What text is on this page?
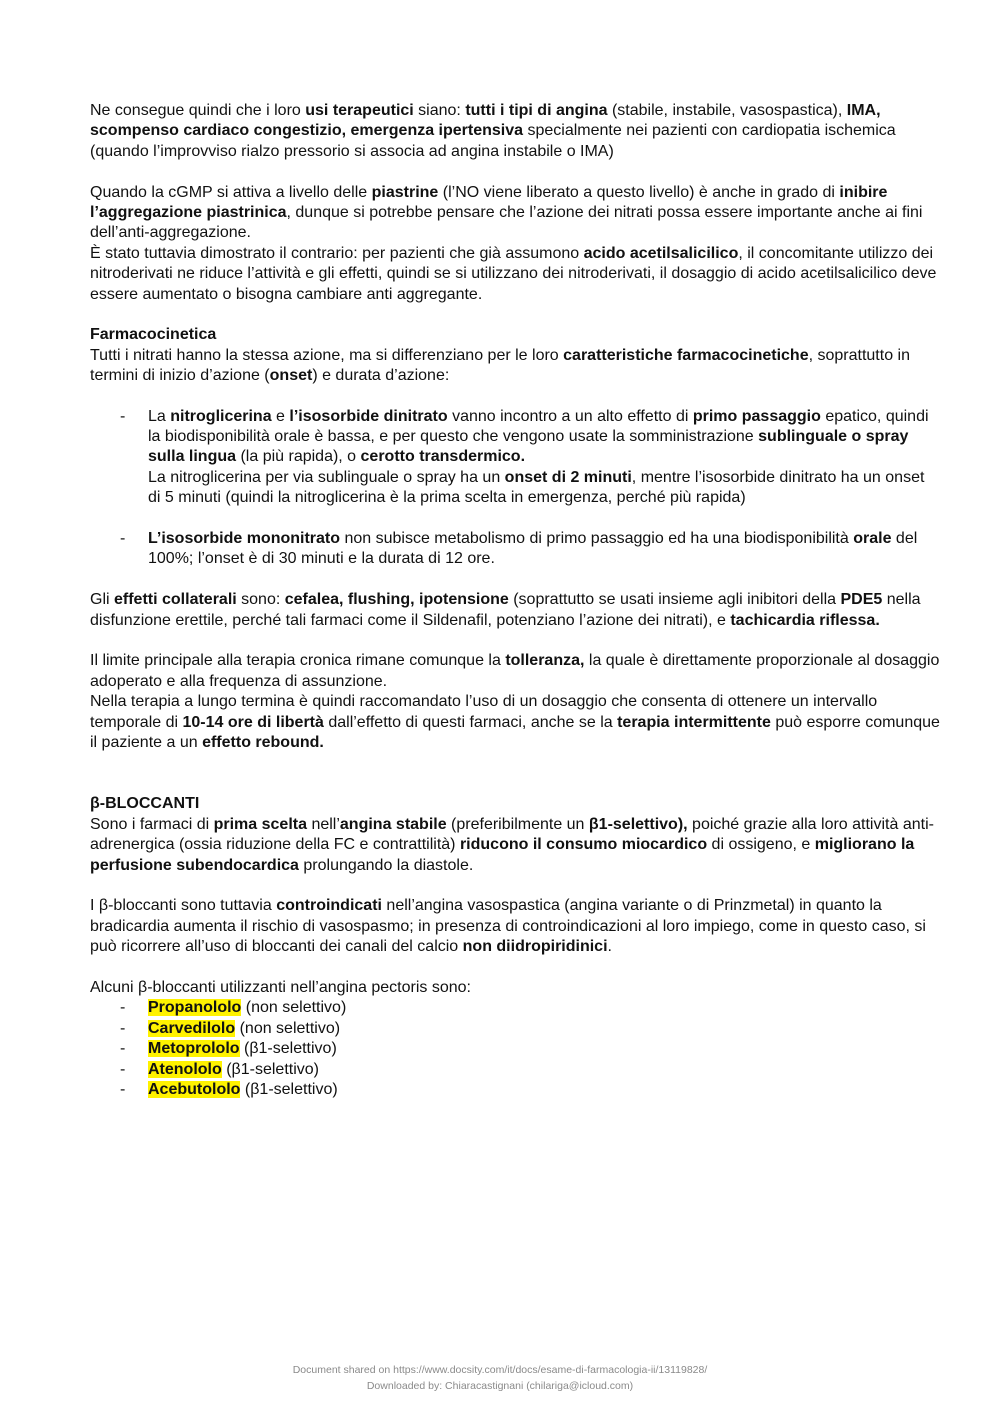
Ne consegue quindi che i loro usi terapeutici siano: tutti i tipi di angina (stabile, instabile, vasospastica), IMA, scompenso cardiaco congestizio, emergenza ipertensiva specialmente nei pazienti con cardiopatia ischemica (quando l’improvviso rialzo pressorio si associa ad angina instabile o IMA)

Quando la cGMP si attiva a livello delle piastrine (l’NO viene liberato a questo livello) è anche in grado di inibire l’aggregazione piastrinica, dunque si potrebbe pensare che l’azione dei nitrati possa essere importante anche ai fini dell’anti-aggregazione.

È stato tuttavia dimostrato il contrario: per pazienti che già assumono acido acetilsalicilico, il concomitante utilizzo dei nitroderivati ne riduce l’attività e gli effetti, quindi se si utilizzano dei nitroderivati, il dosaggio di acido acetilsalicilico deve essere aumentato o bisogna cambiare anti aggregante.

Farmacocinetica

Tutti i nitrati hanno la stessa azione, ma si differenziano per le loro caratteristiche farmacocinetiche, soprattutto in termini di inizio d’azione (onset) e durata d’azione:

- La nitroglicerina e l’isosorbide dinitrato vanno incontro a un alto effetto di primo passaggio epatico, quindi la biodisponibilità orale è bassa, e per questo che vengono usate la somministrazione sublinguale o spray sulla lingua (la più rapida), o cerotto transdermico.
La nitroglicerina per via sublinguale o spray ha un onset di 2 minuti, mentre l’isosorbide dinitrato ha un onset di 5 minuti (quindi la nitroglicerina è la prima scelta in emergenza, perché più rapida)
- L’isosorbide mononitrato non subisce metabolismo di primo passaggio ed ha una biodisponibilità orale del 100%; l’onset è di 30 minuti e la durata di 12 ore.

Gli effetti collaterali sono: cefalea, flushing, ipotensione (soprattutto se usati insieme agli inibitori della PDE5 nella disfunzione erettile, perché tali farmaci come il Sildenafil, potenziano l’azione dei nitrati), e tachicardia riflessa.

Il limite principale alla terapia cronica rimane comunque la tolleranza, la quale è direttamente proporzionale al dosaggio adoperato e alla frequenza di assunzione.

Nella terapia a lungo termina è quindi raccomandato l’uso di un dosaggio che consenta di ottenere un intervallo temporale di 10-14 ore di libertà dall’effetto di questi farmaci, anche se la terapia intermittente può esporre comunque il paziente a un effetto rebound.

β-BLOCCANTI

Sono i farmaci di prima scelta nell’angina stabile (preferibilmente un β1-selettivo), poiché grazie alla loro attività anti-adrenergica (ossia riduzione della FC e contrattilità) riducono il consumo miocardico di ossigeno, e migliorano la perfusione subendocardica prolungando la diastole.

I β-bloccanti sono tuttavia controindicati nell’angina vasospastica (angina variante o di Prinzmetal) in quanto la bradicardia aumenta il rischio di vasospasmo; in presenza di controindicazioni al loro impiego, come in questo caso, si può ricorrere all’uso di bloccanti dei canali del calcio non diidropiridinici.

Alcuni β-bloccanti utilizzanti nell’angina pectoris sono:

- Propanololo (non selettivo)
- Carvedilolo (non selettivo)
- Metoprololo (β1-selettivo)
- Atenololo (β1-selettivo)
- Acebutololo (β1-selettivo)
Document shared on https://www.docsity.com/it/docs/esame-di-farmacologia-ii/13119828/
Downloaded by: Chiaracastignani (chilariga@icloud.com)
